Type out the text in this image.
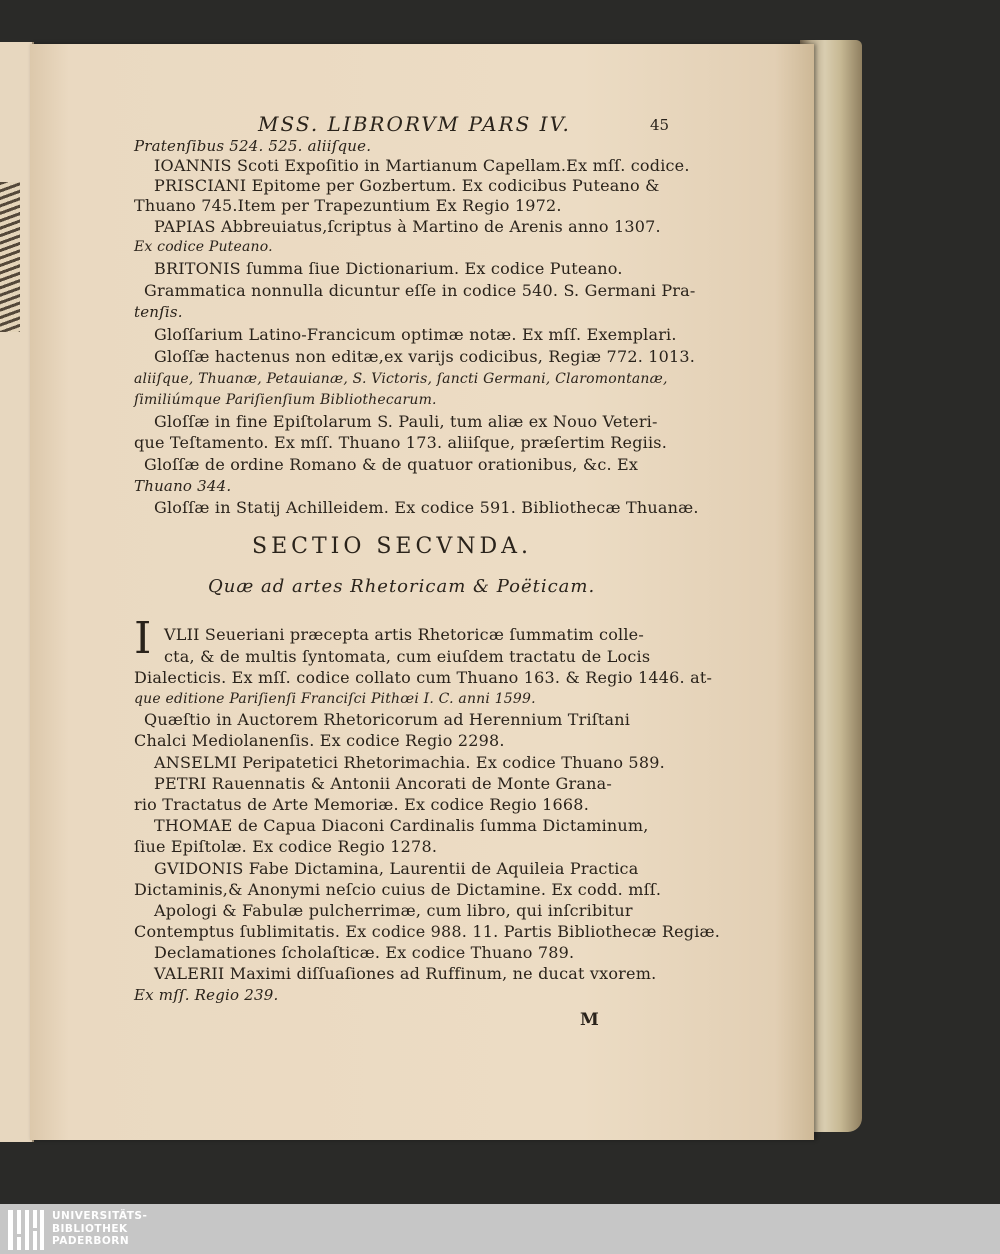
MSS. LIBRORVM PARS IV.	45
Pratenſibus 524. 525. aliiſque.
IOANNIS Scoti Expoſitio in Martianum Capellam.Ex mſſ. codice.
PRISCIANI Epitome per Gozbertum. Ex codicibus Puteano &
Thuano 745.Item per Trapezuntium Ex Regio 1972.
PAPIAS Abbreuiatus,ſcriptus à Martino de Arenis anno 1307.
Ex codice Puteano.
BRITONIS ſumma ſiue Dictionarium. Ex codice Puteano.
Grammatica nonnulla dicuntur eſſe in codice 540. S. Germani Pra-
tenſis.
Gloſſarium Latino-Francicum optimæ notæ. Ex mſſ. Exemplari.
Gloſſæ hactenus non editæ,ex varijs codicibus, Regiæ 772. 1013.
aliiſque, Thuanæ, Petauianæ, S. Victoris, ſancti Germani, Claromontanæ,
ſimiliúmque Pariſienſium Bibliothecarum.
Gloſſæ in fine Epiſtolarum S. Pauli, tum aliæ ex Nouo Veteri-
que Teſtamento. Ex mſſ. Thuano 173. aliiſque, præſertim Regiis.
Gloſſæ de ordine Romano & de quatuor orationibus, &c. Ex
Thuano 344.
Gloſſæ in Statij Achilleidem. Ex codice 591. Bibliothecæ Thuanæ.
SECTIO SECVNDA.
Quæ ad artes Rhetoricam & Poëticam.
I VLII Seueriani præcepta artis Rhetoricæ ſummatim colle-
cta, & de multis ſyntomata, cum eiuſdem tractatu de Locis
Dialecticis. Ex mſſ. codice collato cum Thuano 163. & Regio 1446. at-
que editione Pariſienſi Franciſci Pithœi I. C. anni 1599.
Quæſtio in Auctorem Rhetoricorum ad Herennium Triſtani
Chalci Mediolanenſis. Ex codice Regio 2298.
ANSELMI Peripatetici Rhetorimachia. Ex codice Thuano 589.
PETRI Rauennatis & Antonii Ancorati de Monte Grana-
rio Tractatus de Arte Memoriæ. Ex codice Regio 1668.
THOMAE de Capua Diaconi Cardinalis ſumma Dictaminum,
ſiue Epiſtolæ. Ex codice Regio 1278.
GVIDONIS Fabe Dictamina, Laurentii de Aquileia Practica
Dictaminis,& Anonymi neſcio cuius de Dictamine. Ex codd. mſſ.
Apologi & Fabulæ pulcherrimæ, cum libro, qui inſcribitur
Contemptus ſublimitatis. Ex codice 988. 11. Partis Bibliothecæ Regiæ.
Declamationes ſcholaſticæ. Ex codice Thuano 789.
VALERII Maximi diſſuaſiones ad Ruffinum, ne ducat vxorem.
Ex mſſ. Regio 239.
M
UNIVERSITÄTS-
BIBLIOTHEK
PADERBORN
